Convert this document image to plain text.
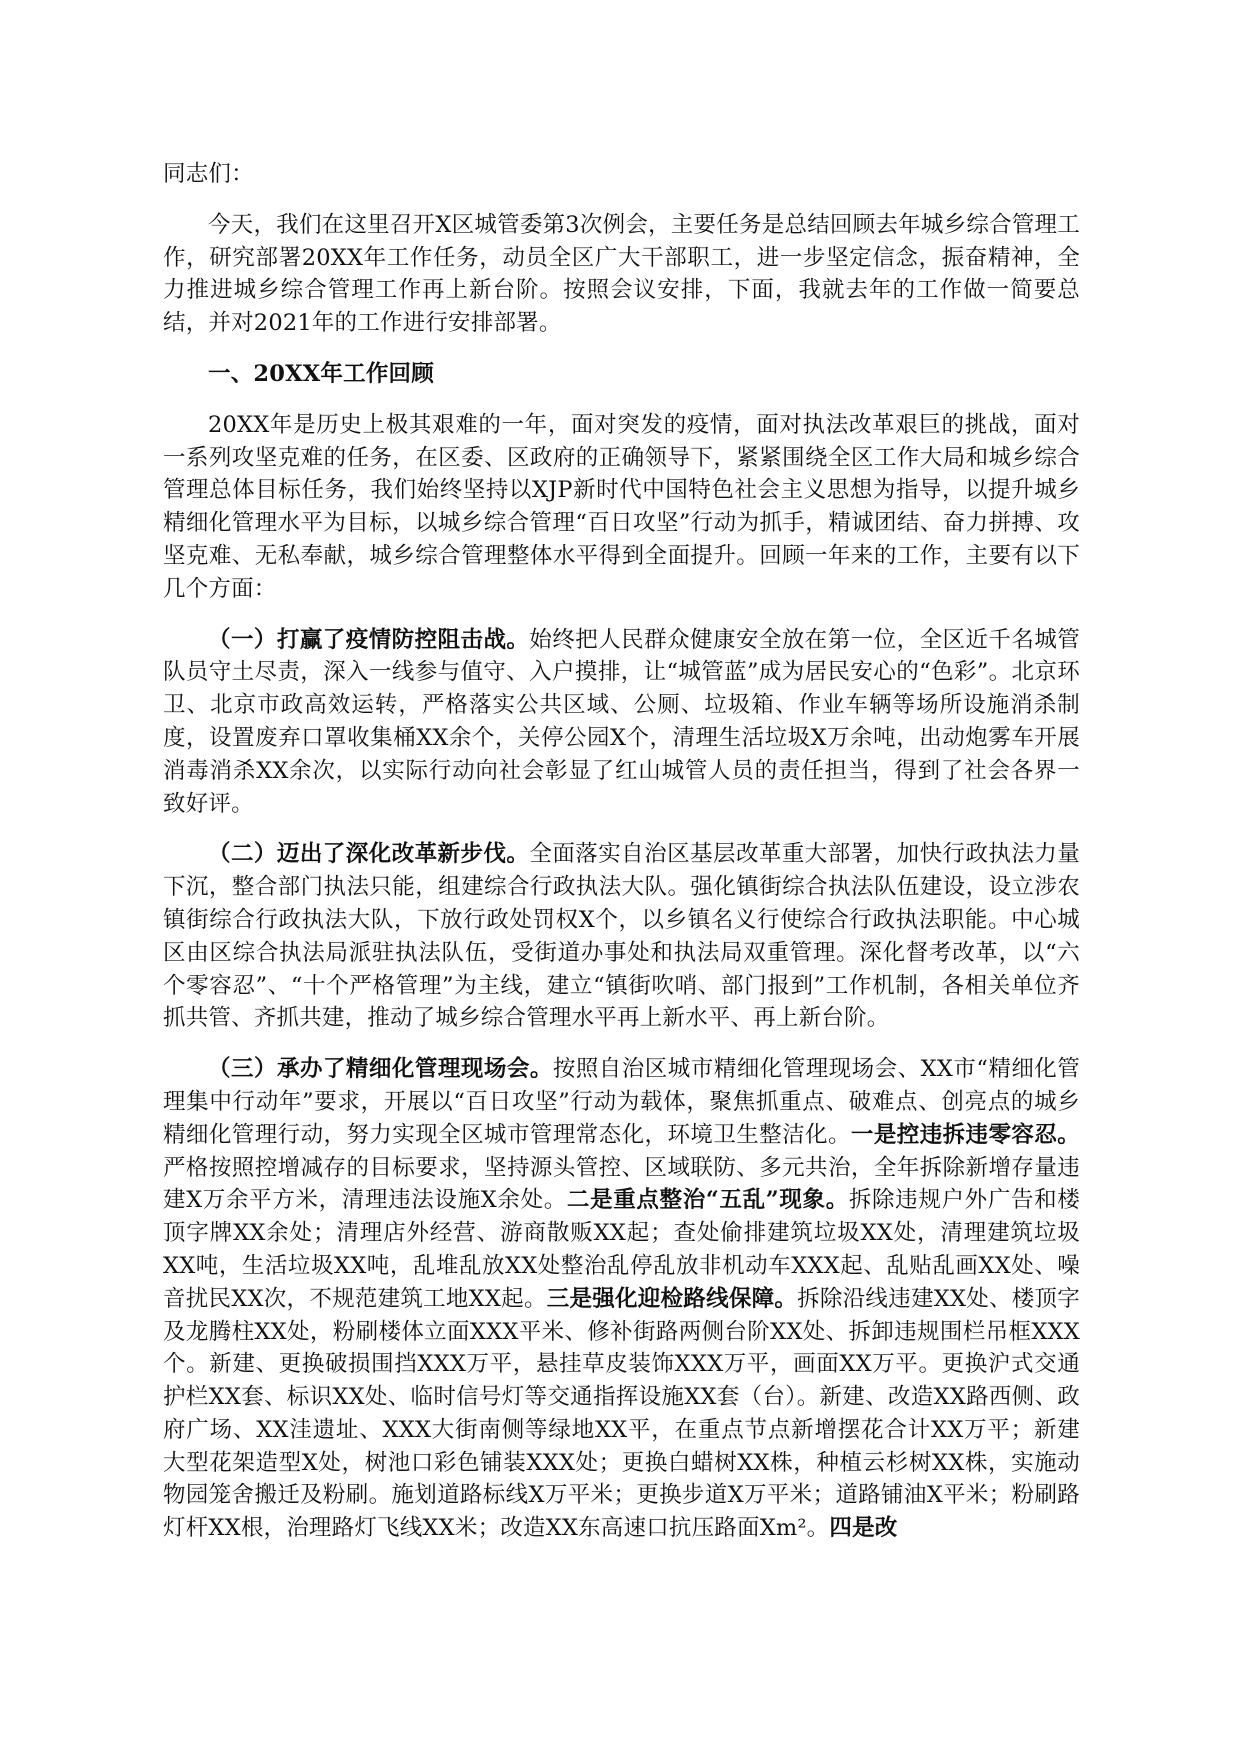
同志们：

今天，我们在这里召开X区城管委第3次例会，主要任务是总结回顾去年城乡综合管理工作，研究部署20XX年工作任务，动员全区广大干部职工，进一步坚定信念，振奋精神，全力推进城乡综合管理工作再上新台阶。按照会议安排，下面，我就去年的工作做一简要总结，并对2021年的工作进行安排部署。

一、20XX年工作回顾

20XX年是历史上极其艰难的一年，面对突发的疫情，面对执法改革艰巨的挑战，面对一系列攻坚克难的任务，在区委、区政府的正确领导下，紧紧围绕全区工作大局和城乡综合管理总体目标任务，我们始终坚持以XJP新时代中国特色社会主义思想为指导，以提升城乡精细化管理水平为目标，以城乡综合管理“百日攻坚”行动为抓手，精诚团结、奋力拼搏、攻坚克难、无私奉献，城乡综合管理整体水平得到全面提升。回顾一年来的工作，主要有以下几个方面：

（一）打赢了疫情防控阻击战。始终把人民群众健康安全放在第一位，全区近千名城管队员守土尽责，深入一线参与值守、入户摸排，让“城管蓝”成为居民安心的“色彩”。北京环卫、北京市政高效运转，严格落实公共区域、公厕、垃圾箱、作业车辆等场所设施消杀制度，设置废弃口罩收集桶XX余个，关停公园X个，清理生活垃圾X万余吨，出动炮雾车开展消毒消杀XX余次，以实际行动向社会彰显了红山城管人员的责任担当，得到了社会各界一致好评。

（二）迈出了深化改革新步伐。全面落实自治区基层改革重大部署，加快行政执法力量下沉，整合部门执法只能，组建综合行政执法大队。强化镇街综合执法队伍建设，设立涉农镇街综合行政执法大队，下放行政处罚权X个，以乡镇名义行使综合行政执法职能。中心城区由区综合执法局派驻执法队伍，受街道办事处和执法局双重管理。深化督考改革，以“六个零容忍”、“十个严格管理”为主线，建立“镇街吹哨、部门报到”工作机制，各相关单位齐抓共管、齐抓共建，推动了城乡综合管理水平再上新水平、再上新台阶。

（三）承办了精细化管理现场会。按照自治区城市精细化管理现场会、XX市“精细化管理集中行动年”要求，开展以“百日攻坚”行动为载体，聚焦抓重点、破难点、创亮点的城乡精细化管理行动，努力实现全区城市管理常态化，环境卫生整洁化。一是控违拆违零容忍。严格按照控增减存的目标要求，坚持源头管控、区域联防、多元共治，全年拆除新增存量违建X万余平方米，清理违法设施X余处。二是重点整治“五乱”现象。拆除违规户外广告和楼顶字牌XX余处；清理店外经营、游商散贩XX起；查处偷排建筑垃圾XX处，清理建筑垃圾XX吨，生活垃圾XX吨，乱堆乱放XX处整治乱停乱放非机动车XXX起、乱贴乱画XX处、噪音扰民XX次，不规范建筑工地XX起。三是强化迎检路线保障。拆除沿线违建XX处、楼顶字及龙腾柱XX处，粉刷楼体立面XXX平米、修补街路两侧台阶XX处、拆卸违规围栏吊框XXX个。新建、更换破损围挡XXX万平，悬挂草皮装饰XXX万平，画面XX万平。更换沪式交通护栏XX套、标识XX处、临时信号灯等交通指挥设施XX套（台）。新建、改造XX路西侧、政府广场、XX洼遗址、XXX大街南侧等绿地XX平，在重点节点新增摆花合计XX万平；新建大型花架造型X处，树池口彩色铺装XXX处；更换白蜡树XX株，种植云杉树XX株，实施动物园笼舍搬迁及粉刷。施划道路标线X万平米；更换步道X万平米；道路铺油X平米；粉刷路灯杆XX根，治理路灯飞线XX米；改造XX东高速口抗压路面Xm²。四是改
